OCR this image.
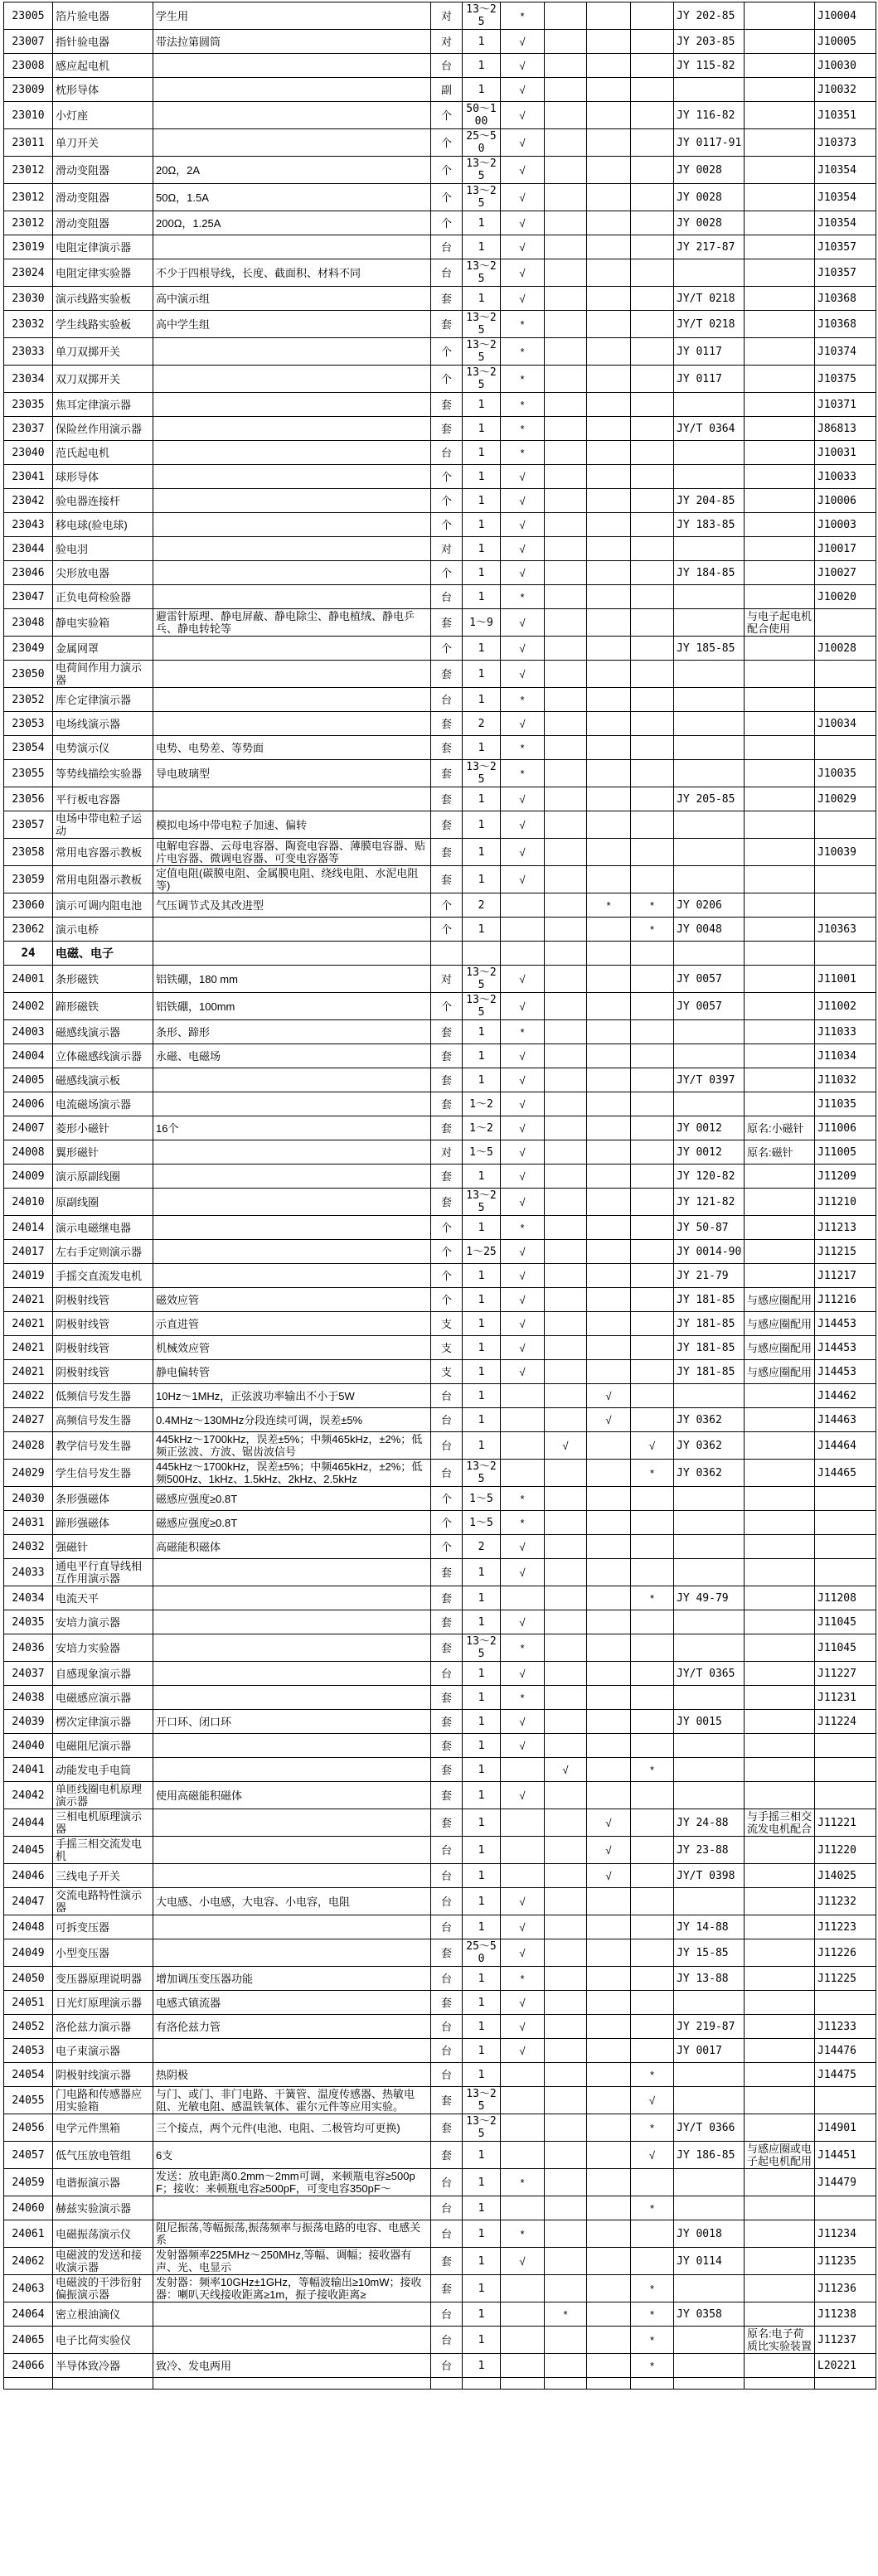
23005	箔片验电器	学生用	对	13～25	*				JY 202-85		J10004
23007	指针验电器	带法拉第圆筒	对	1	√				JY 203-85		J10005
23008	感应起电机		台	1	√				JY 115-82		J10030
23009	枕形导体		副	1	√						J10032
23010	小灯座		个	50～100	√				JY 116-82		J10351
23011	单刀开关		个	25～50	√				JY 0117-91		J10373
23012	滑动变阻器	20Ω，2A	个	13～25	√				JY 0028		J10354
23012	滑动变阻器	50Ω，1.5A	个	13～25	√				JY 0028		J10354
23012	滑动变阻器	200Ω，1.25A	个	1	√				JY 0028		J10354
23019	电阻定律演示器		台	1	√				JY 217-87		J10357
23024	电阻定律实验器	不少于四根导线，长度、截面积、材料不同	台	13～25	√						J10357
23030	演示线路实验板	高中演示组	套	1	√				JY/T 0218		J10368
23032	学生线路实验板	高中学生组	套	13～25	*				JY/T 0218		J10368
23033	单刀双掷开关		个	13～25	*				JY 0117		J10374
23034	双刀双掷开关		个	13～25	*				JY 0117		J10375
23035	焦耳定律演示器		套	1	*						J10371
23037	保险丝作用演示器		套	1	*				JY/T 0364		J86813
23040	范氏起电机		台	1	*						J10031
23041	球形导体		个	1	√						J10033
23042	验电器连接杆		个	1	√				JY 204-85		J10006
23043	移电球(验电球)		个	1	√				JY 183-85		J10003
23044	验电羽		对	1	√						J10017
23046	尖形放电器		个	1	√				JY 184-85		J10027
23047	正负电荷检验器		台	1	*						J10020
23048	静电实验箱	避雷针原理、静电屏蔽、静电除尘、静电植绒、静电乒乓、静电转轮等	套	1～9	√					与电子起电机配合使用	
23049	金属网罩		个	1	√				JY 185-85		J10028
23050	电荷间作用力演示器		套	1	√						
23052	库仑定律演示器		台	1	*						
23053	电场线演示器		套	2	√						J10034
23054	电势演示仪	电势、电势差、等势面	套	1	*						
23055	等势线描绘实验器	导电玻璃型	套	13～25	*						J10035
23056	平行板电容器		套	1	√				JY 205-85		J10029
23057	电场中带电粒子运动	模拟电场中带电粒子加速、偏转	套	1	√						
23058	常用电容器示教板	电解电容器、云母电容器、陶瓷电容器、薄膜电容器、贴片电容器、微调电容器、可变电容器等	套	1	√						J10039
23059	常用电阻器示教板	定值电阻(碳膜电阻、金属膜电阻、绕线电阻、水泥电阻等)	套	1	√						
23060	演示可调内阻电池	气压调节式及其改进型	个	2			*	*	JY 0206		
23062	演示电桥		个	1				*	JY 0048		J10363
24	电磁、电子										
24001	条形磁铁	铝铁硼，180 mm	对	13～25	√				JY 0057		J11001
24002	蹄形磁铁	铝铁硼，100mm	个	13～25	√				JY 0057		J11002
24003	磁感线演示器	条形、蹄形	套	1	*						J11033
24004	立体磁感线演示器	永磁、电磁场	套	1	√						J11034
24005	磁感线演示板		套	1	√				JY/T 0397		J11032
24006	电流磁场演示器		套	1～2	√						J11035
24007	菱形小磁针	16个	套	1～2	√				JY 0012	原名:小磁针	J11006
24008	翼形磁针		对	1～5	√				JY 0012	原名:磁针	J11005
24009	演示原副线圈		套	1	√				JY 120-82		J11209
24010	原副线圈		套	13～25	√				JY 121-82		J11210
24014	演示电磁继电器		个	1	*				JY 50-87		J11213
24017	左右手定则演示器		个	1～25	√				JY 0014-90		J11215
24019	手摇交直流发电机		个	1	√				JY 21-79		J11217
24021	阴极射线管	磁效应管	个	1	√				JY 181-85	与感应圈配用	J11216
24021	阴极射线管	示直进管	支	1	√				JY 181-85	与感应圈配用	J14453
24021	阴极射线管	机械效应管	支	1	√				JY 181-85	与感应圈配用	J14453
24021	阴极射线管	静电偏转管	支	1	√				JY 181-85	与感应圈配用	J14453
24022	低频信号发生器	10Hz～1MHz，正弦波功率输出不小于5W	台	1			√				J14462
24027	高频信号发生器	0.4MHz～130MHz分段连续可调，误差±5%	台	1			√		JY 0362		J14463
24028	教学信号发生器	445kHz～1700kHz，误差±5%；中频465kHz，±2%；低频正弦波、方波、锯齿波信号	台	1		√		√	JY 0362		J14464
24029	学生信号发生器	445kHz～1700kHz，误差±5%；中频465kHz，±2%；低频500Hz、1kHz、1.5kHz、2kHz、2.5kHz	台	13～25				*	JY 0362		J14465
24030	条形强磁体	磁感应强度≥0.8T	个	1～5	*						
24031	蹄形强磁体	磁感应强度≥0.8T	个	1～5	*						
24032	强磁针	高磁能积磁体	个	2	√						
24033	通电平行直导线相互作用演示器		套	1	√						
24034	电流天平		套	1				*	JY 49-79		J11208
24035	安培力演示器		套	1	√						J11045
24036	安培力实验器		套	13～25	*						J11045
24037	自感现象演示器		台	1	√				JY/T 0365		J11227
24038	电磁感应演示器		套	1	*						J11231
24039	楞次定律演示器	开口环、闭口环	套	1	√				JY 0015		J11224
24040	电磁阻尼演示器		套	1	√						
24041	动能发电手电筒		套	1		√		*			
24042	单匝线圈电机原理演示器	使用高磁能积磁体	套	1	√						
24044	三相电机原理演示器		套	1			√		JY 24-88	与手摇三相交流发电机配合	J11221
24045	手摇三相交流发电机		台	1			√		JY 23-88		J11220
24046	三线电子开关		台	1			√		JY/T 0398		J14025
24047	交流电路特性演示器	大电感、小电感，大电容、小电容，电阻	台	1	√						J11232
24048	可拆变压器		台	1	√				JY 14-88		J11223
24049	小型变压器		套	25～50	√				JY 15-85		J11226
24050	变压器原理说明器	增加调压变压器功能	台	1	*				JY 13-88		J11225
24051	日光灯原理演示器	电感式镇流器	套	1	√						
24052	洛伦兹力演示器	有洛伦兹力管	台	1	√				JY 219-87		J11233
24053	电子束演示器		台	1	√				JY 0017		J14476
24054	阴极射线演示器	热阴极	台	1				*			J14475
24055	门电路和传感器应用实验箱	与门、或门、非门电路、干簧管、温度传感器、热敏电阻、光敏电阻、感温铁氧体、霍尔元件等应用实验。	套	13～25				√			
24056	电学元件黑箱	三个接点，两个元件(电池、电阻、二极管均可更换)	套	13～25				*	JY/T 0366		J14901
24057	低气压放电管组	6支	套	1				√	JY 186-85	与感应圈或电子起电机配用	J14451
24059	电谐振演示器	发送：放电距离0.2mm～2mm可调，来顿瓶电容≥500pF；接收：来顿瓶电容≥500pF，可变电容350pF～	台	1	*						J14479
24060	赫兹实验演示器		台	1				*			
24061	电磁振荡演示仪	阻尼振荡,等幅振荡,振荡频率与振荡电路的电容、电感关系	台	1	*				JY 0018		J11234
24062	电磁波的发送和接收演示器	发射器频率225MHz～250MHz,等幅、调幅；接收器有声、光、电显示	套	1	√				JY 0114		J11235
24063	电磁波的干涉衍射偏振演示器	发射器：频率10GHz±1GHz，等幅波输出≥10mW；接收器：喇叭天线接收距离≥1m，振子接收距离≥	套	1				*			J11236
24064	密立根油滴仪		台	1		*		*	JY 0358		J11238
24065	电子比荷实验仪		台	1				*		原名:电子荷质比实验装置	J11237
24066	半导体致冷器	致冷、发电两用	台	1				*			L20221
